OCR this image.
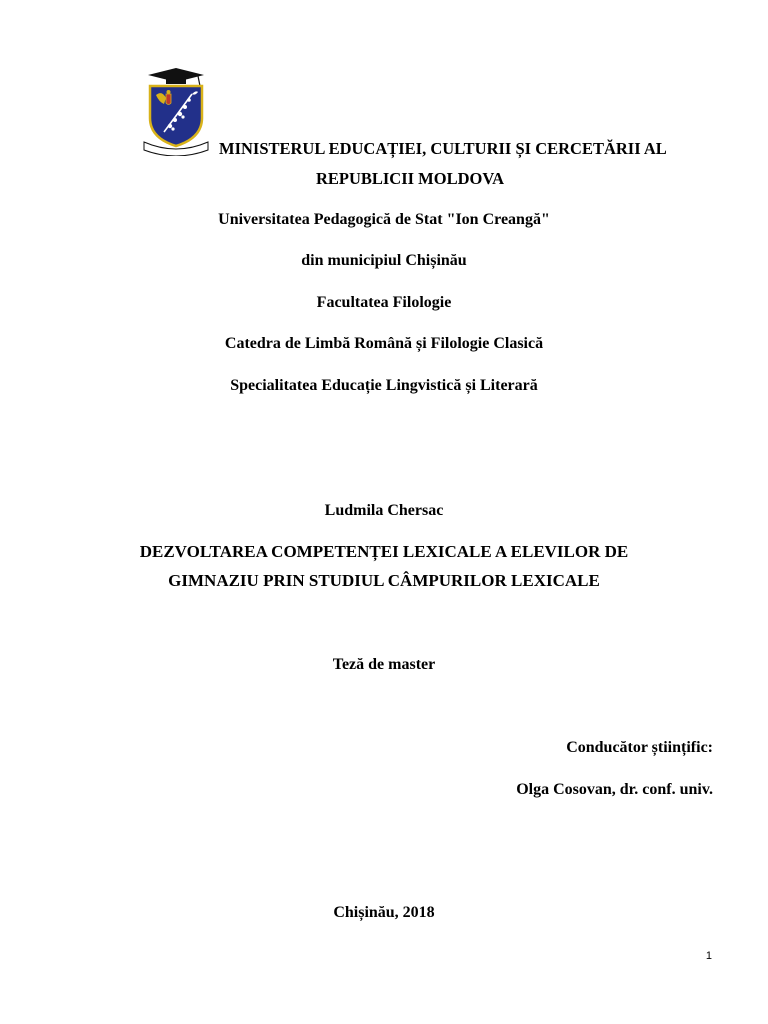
MINISTERUL EDUCAȚIEI, CULTURII ȘI CERCETĂRII AL
REPUBLICII MOLDOVA
Universitatea Pedagogică de Stat "Ion Creangă"
din municipiul Chișinău
Facultatea Filologie
Catedra de Limbă Română și Filologie Clasică
Specialitatea Educație Lingvistică și Literară
Ludmila Chersac
DEZVOLTAREA COMPETENȚEI LEXICALE A ELEVILOR DE
GIMNAZIU PRIN STUDIUL CÂMPURILOR LEXICALE
Teză de master
Conducător științific:
Olga Cosovan, dr. conf. univ.
Chișinău, 2018
1
